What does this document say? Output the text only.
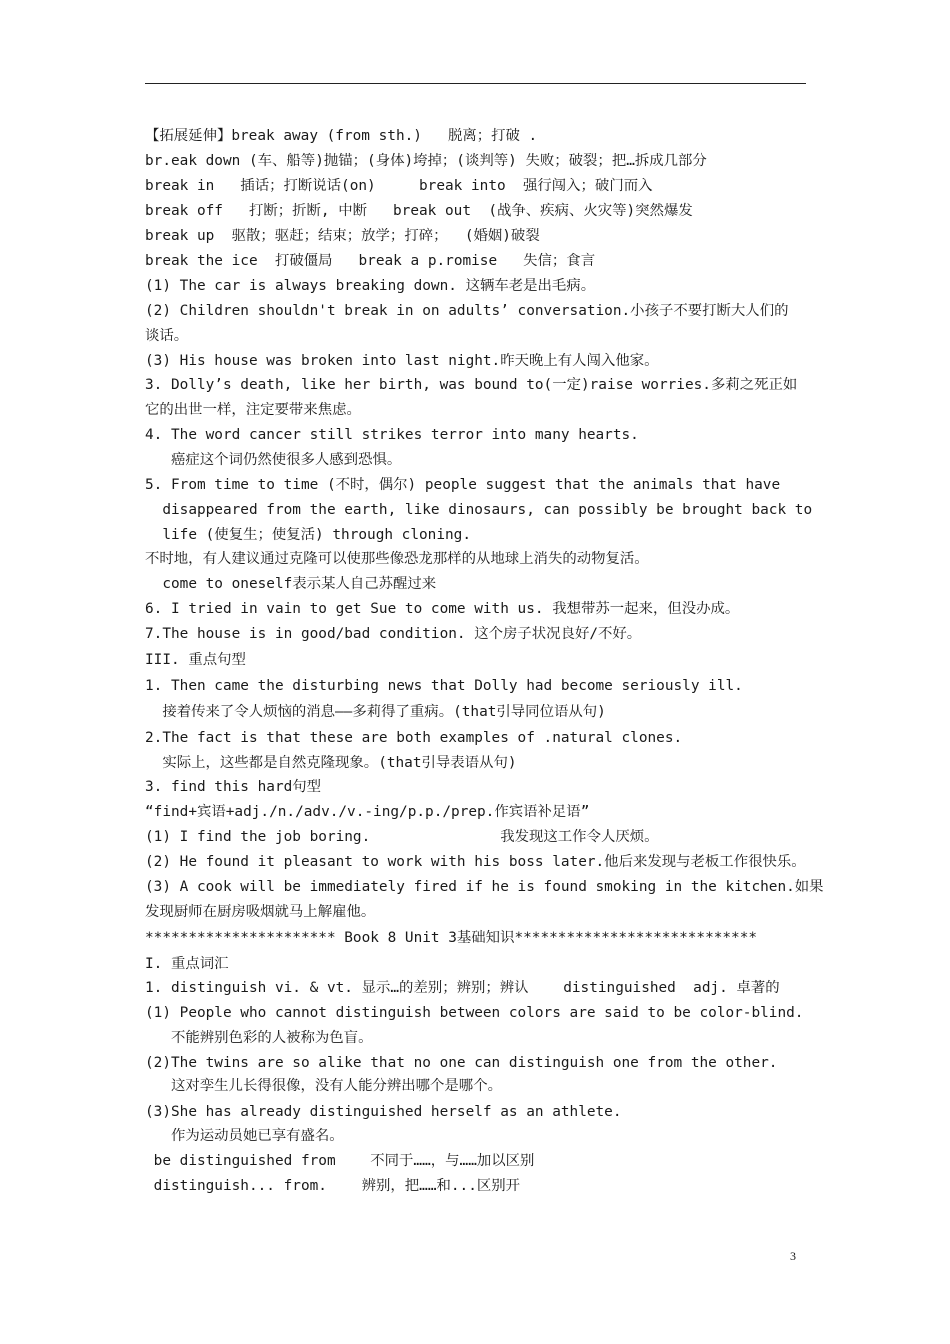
【拓展延伸】break away (from sth.)   脱离；打破 .
br.eak down (车、船等)抛锚；(身体)垮掉；(谈判等) 失败；破裂；把…拆成几部分
break in   插话；打断说话(on)     break into  强行闯入；破门而入
break off   打断；折断, 中断   break out  (战争、疾病、火灾等)突然爆发
break up  驱散；驱赶；结束；放学；打碎；  (婚姻)破裂
break the ice  打破僵局   break a p.romise   失信；食言
(1) The car is always breaking down. 这辆车老是出毛病。
(2) Children shouldn't break in on adults’ conversation.小孩子不要打断大人们的
谈话。
(3) His house was broken into last night.昨天晚上有人闯入他家。
3. Dolly’s death, like her birth, was bound to(一定)raise worries.多莉之死正如
它的出世一样，注定要带来焦虑。
4. The word cancer still strikes terror into many hearts.
癌症这个词仍然使很多人感到恐惧。
5. From time to time (不时，偶尔) people suggest that the animals that have
disappeared from the earth, like dinosaurs, can possibly be brought back to
life (使复生；使复活) through cloning.
不时地，有人建议通过克隆可以使那些像恐龙那样的从地球上消失的动物复活。
come to oneself表示某人自己苏醒过来
6. I tried in vain to get Sue to come with us. 我想带苏一起来，但没办成。
7.The house is in good/bad condition. 这个房子状况良好/不好。
III. 重点句型
1. Then came the disturbing news that Dolly had become seriously ill.
接着传来了令人烦恼的消息——多莉得了重病。(that引导同位语从句)
2.The fact is that these are both examples of .natural clones.
实际上，这些都是自然克隆现象。(that引导表语从句)
3. find this hard句型
“find+宾语+adj./n./adv./v.-ing/p.p./prep.作宾语补足语”
(1) I find the job boring.               我发现这工作令人厌烦。
(2) He found it pleasant to work with his boss later.他后来发现与老板工作很快乐。
(3) A cook will be immediately fired if he is found smoking in the kitchen.如果
发现厨师在厨房吸烟就马上解雇他。
********************** Book 8 Unit 3基础知识****************************
I. 重点词汇
1. distinguish vi. & vt. 显示…的差别；辨别；辨认    distinguished  adj. 卓著的
(1) People who cannot distinguish between colors are said to be color-blind.
不能辨别色彩的人被称为色盲。
(2)The twins are so alike that no one can distinguish one from the other.
这对孪生儿长得很像，没有人能分辨出哪个是哪个。
(3)She has already distinguished herself as an athlete.
作为运动员她已享有盛名。
be distinguished from    不同于……，与……加以区别
distinguish... from.    辨别，把……和...区别开
3
